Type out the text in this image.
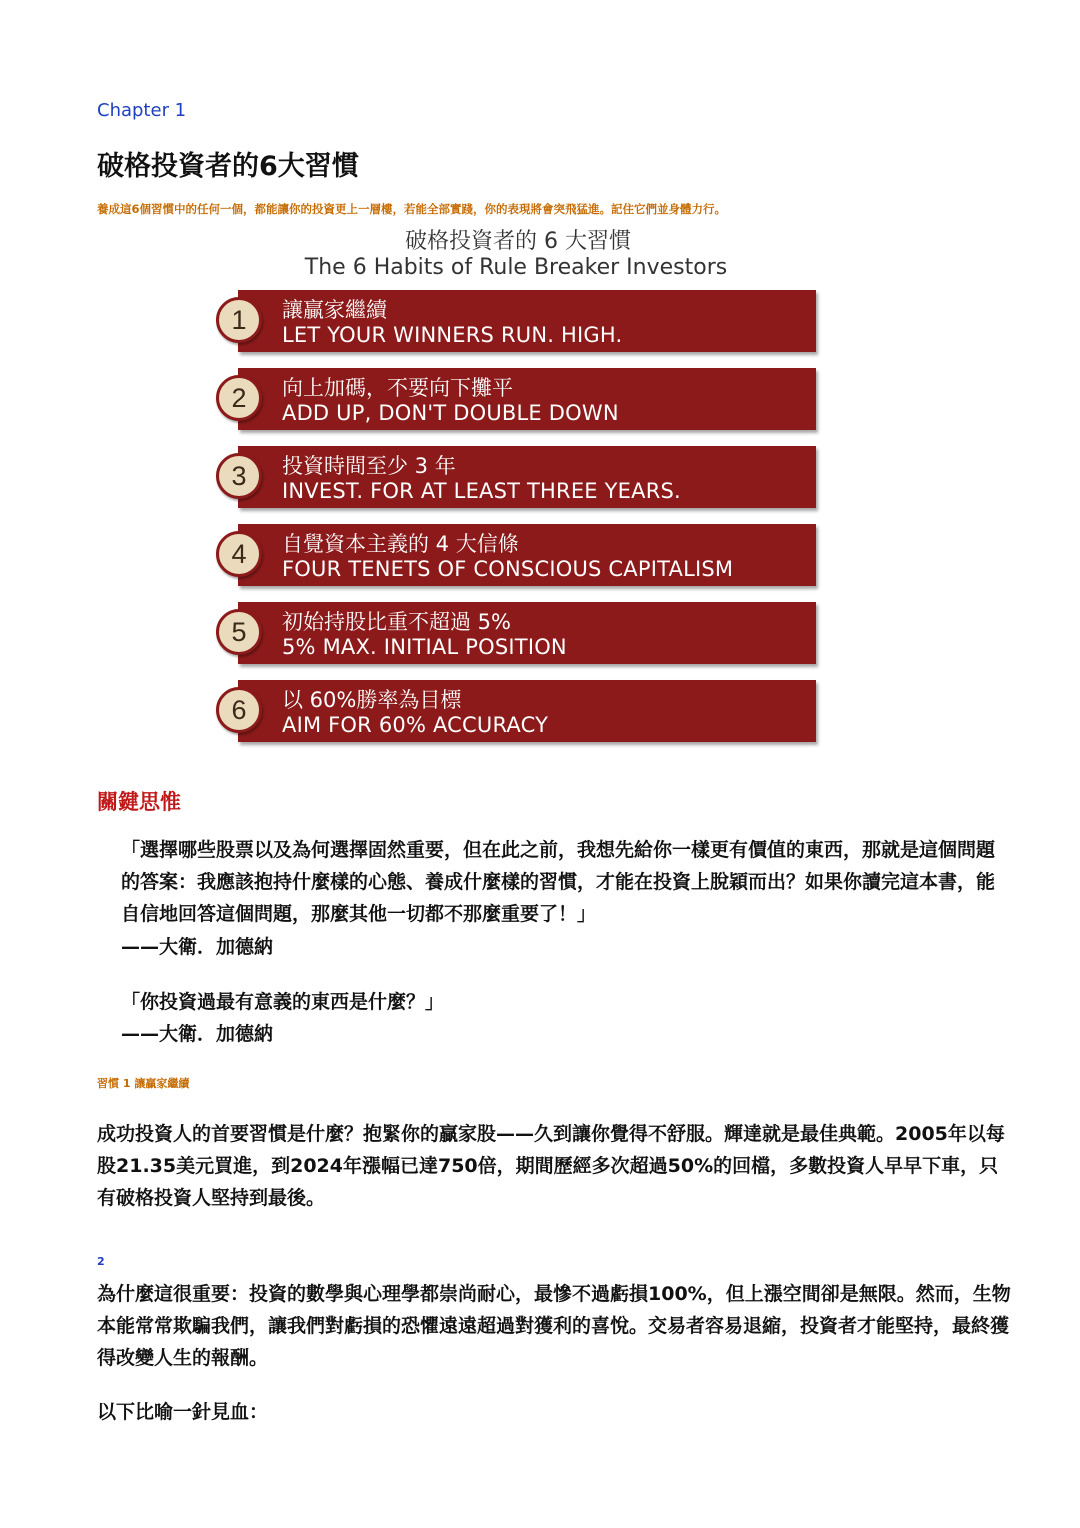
Chapter 1
破格投資者的6大習慣
養成這6個習慣中的任何一個，都能讓你的投資更上一層樓，若能全部實踐，你的表現將會突飛猛進。記住它們並身體力行。
破格投資者的 6 大習慣
The 6 Habits of Rule Breaker Investors
讓贏家繼續
LET YOUR WINNERS RUN. HIGH.
1
向上加碼，不要向下攤平
ADD UP, DON'T DOUBLE DOWN
2
投資時間至少 3 年
INVEST. FOR AT LEAST THREE YEARS.
3
自覺資本主義的 4 大信條
FOUR TENETS OF CONSCIOUS CAPITALISM
4
初始持股比重不超過 5%
5% MAX. INITIAL POSITION
5
以 60%勝率為目標
AIM FOR 60% ACCURACY
6
關鍵思惟
「選擇哪些股票以及為何選擇固然重要，但在此之前，我想先給你一樣更有價值的東西，那就是這個問題的答案：我應該抱持什麼樣的心態、養成什麼樣的習慣，才能在投資上脫穎而出？如果你讀完這本書，能自信地回答這個問題，那麼其他一切都不那麼重要了！」
——大衛．加德納
「你投資過最有意義的東西是什麼？」
——大衛．加德納
習慣 1 讓贏家繼續
成功投資人的首要習慣是什麼？抱緊你的贏家股——久到讓你覺得不舒服。輝達就是最佳典範。2005年以每股21.35美元買進，到2024年漲幅已達750倍，期間歷經多次超過50%的回檔，多數投資人早早下車，只有破格投資人堅持到最後。
2
為什麼這很重要：投資的數學與心理學都崇尚耐心，最慘不過虧損100%，但上漲空間卻是無限。然而，生物本能常常欺騙我們，讓我們對虧損的恐懼遠遠超過對獲利的喜悅。交易者容易退縮，投資者才能堅持，最終獲得改變人生的報酬。
以下比喻一針見血：
